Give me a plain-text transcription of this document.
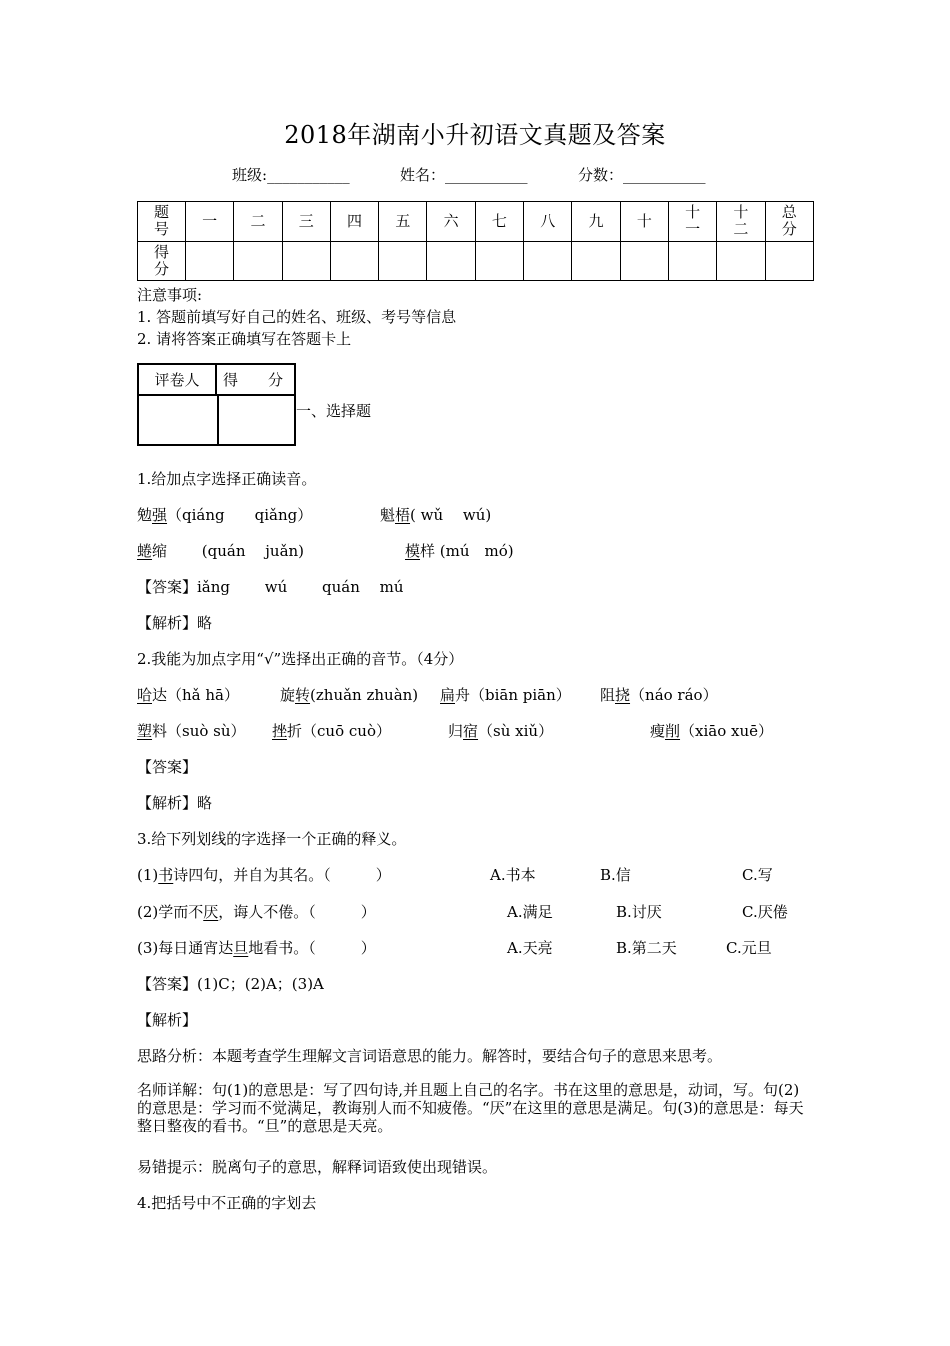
2018年湖南小升初语文真题及答案
班级:___________	姓名：___________	分数：___________
题号	一	二	三	四	五	六	七	八	九	十	十一	十二	总分
得分													
注意事项:
1. 答题前填写好自己的姓名、班级、考号等信息
2. 请将答案正确填写在答题卡上
评卷人	得　　分
一、选择题
1.给加点字选择正确读音。
勉强（qiáng　　qiǎng）	魁梧( wǔ　 wú)
蜷缩　　 (quán　 juǎn)	模样 (mú　mó)
【答案】iǎng　　 wú　　 quán　 mú
【解析】略
2.我能为加点字用“√”选择出正确的音节。（4分）
哈达（hǎ hā）	旋转(zhuǎn zhuàn) 扁舟（biān piān） 阻挠（náo ráo）
塑料（suò sù） 挫折（cuō cuò）	归宿（sù xiǔ）	瘦削（xiāo xuē）
【答案】
【解析】略
3.给下列划线的字选择一个正确的释义。
(1)书诗四句，并自为其名。（　　　）	A.书本	B.信	C.写
(2)学而不厌，诲人不倦。（　　　）	A.满足	B.讨厌	C.厌倦
(3)每日通宵达旦地看书。（　　　）	A.天亮	B.第二天	C.元旦
【答案】(1)C；(2)A；(3)A
【解析】
思路分析：本题考查学生理解文言词语意思的能力。解答时，要结合句子的意思来思考。
名师详解：句(1)的意思是：写了四句诗,并且题上自己的名字。书在这里的意思是，动词，写。句(2)的意思是：学习而不觉满足，教诲别人而不知疲倦。“厌”在这里的意思是满足。句(3)的意思是：每天整日整夜的看书。“旦”的意思是天亮。
易错提示：脱离句子的意思，解释词语致使出现错误。
4.把括号中不正确的字划去
